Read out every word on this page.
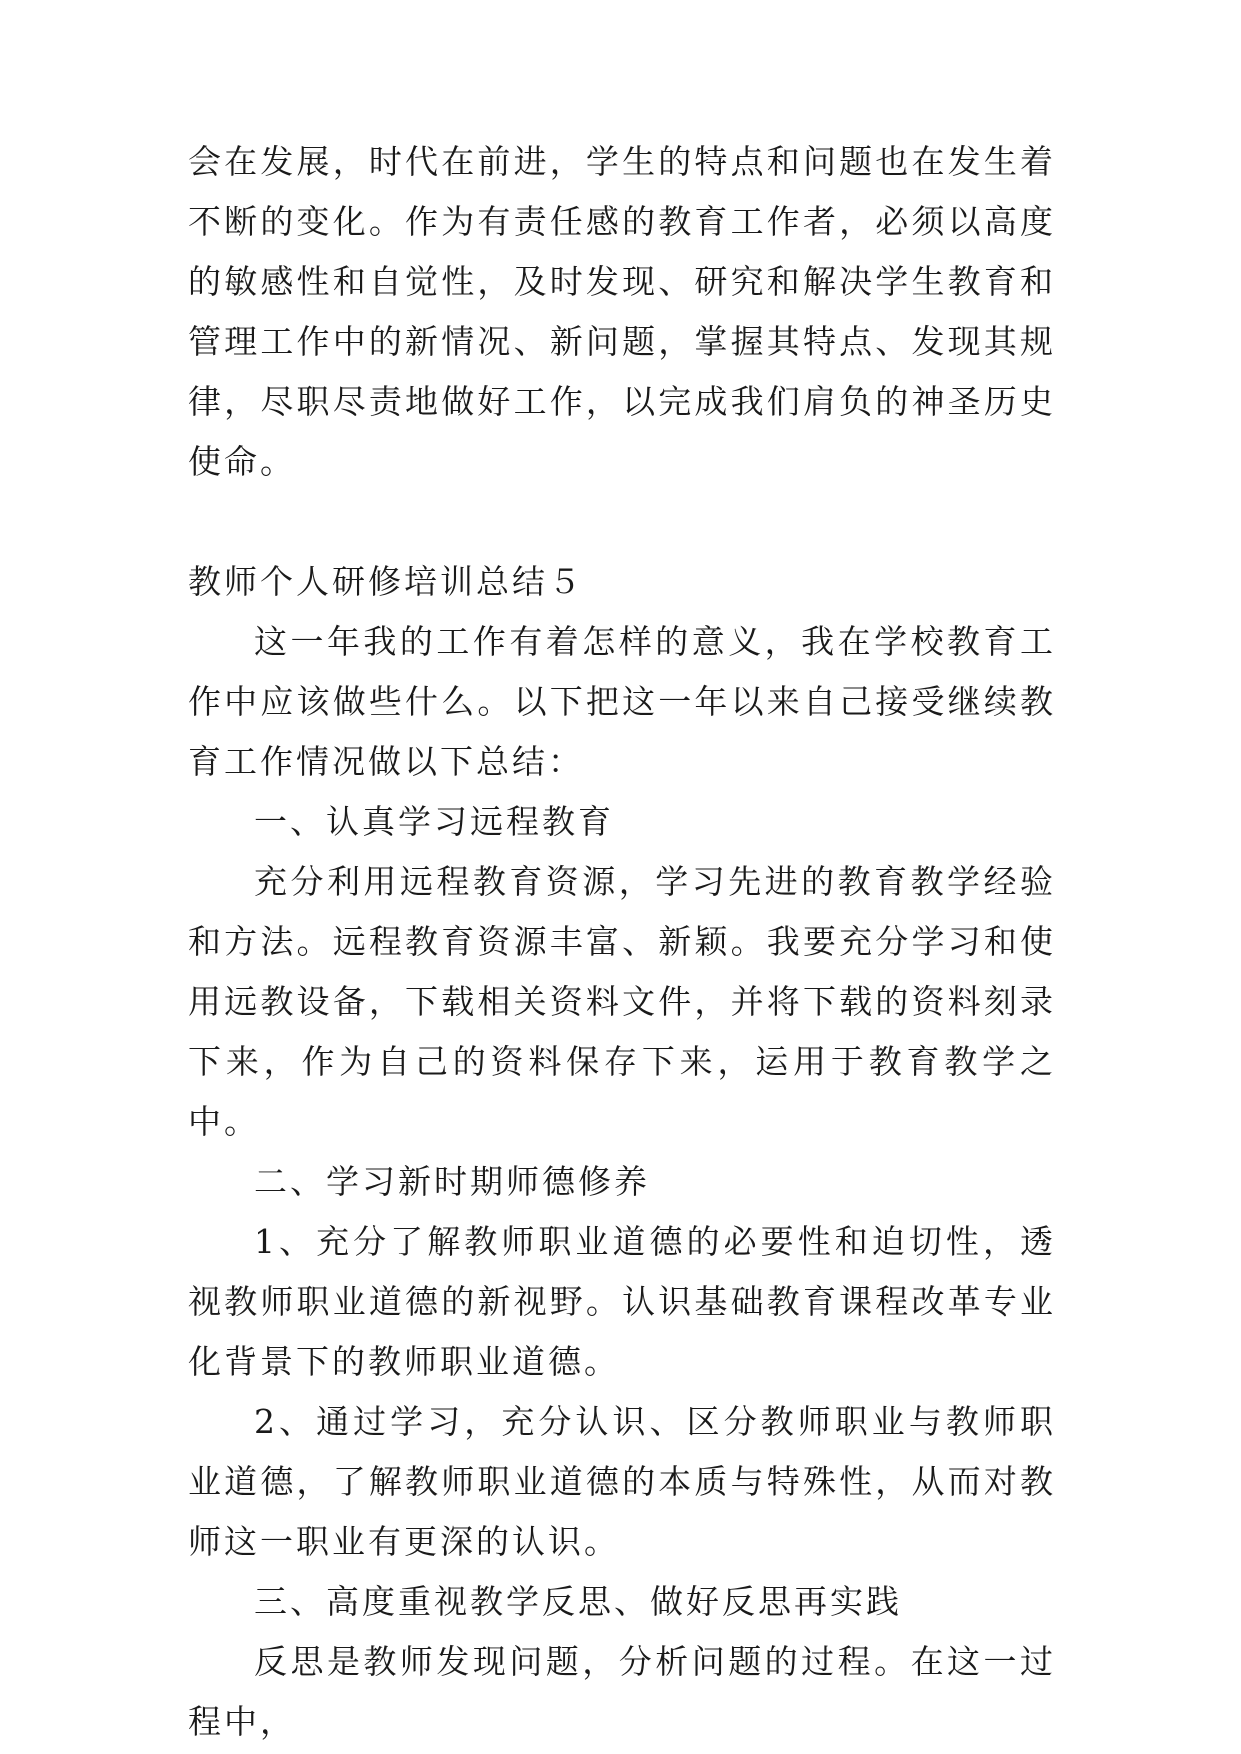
会在发展，时代在前进，学生的特点和问题也在发生着不断的变化。作为有责任感的教育工作者，必须以高度的敏感性和自觉性，及时发现、研究和解决学生教育和管理工作中的新情况、新问题，掌握其特点、发现其规律，尽职尽责地做好工作，以完成我们肩负的神圣历史使命。

教师个人研修培训总结５

这一年我的工作有着怎样的意义，我在学校教育工作中应该做些什么。以下把这一年以来自己接受继续教育工作情况做以下总结：

一、认真学习远程教育

充分利用远程教育资源，学习先进的教育教学经验和方法。远程教育资源丰富、新颖。我要充分学习和使用远教设备，下载相关资料文件，并将下载的资料刻录下来，作为自己的资料保存下来，运用于教育教学之中。

二、学习新时期师德修养

1、充分了解教师职业道德的必要性和迫切性，透视教师职业道德的新视野。认识基础教育课程改革专业化背景下的教师职业道德。

2、通过学习，充分认识、区分教师职业与教师职业道德，了解教师职业道德的本质与特殊性，从而对教师这一职业有更深的认识。

三、高度重视教学反思、做好反思再实践

反思是教师发现问题，分析问题的过程。在这一过程中，
